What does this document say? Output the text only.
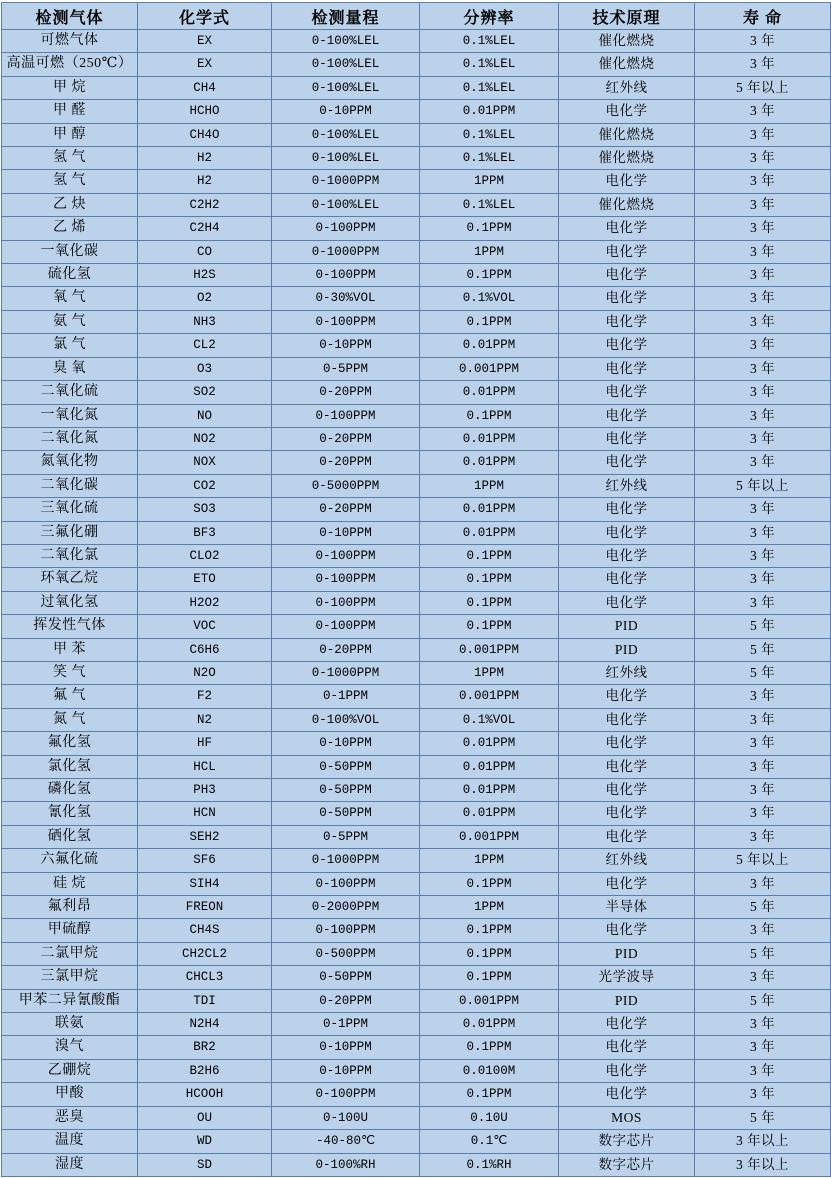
检测气体	化学式	检测量程	分辨率	技术原理	寿 命
可燃气体	EX	0-100%LEL	0.1%LEL	催化燃烧	3 年
高温可燃（250℃）	EX	0-100%LEL	0.1%LEL	催化燃烧	3 年
甲 烷	CH4	0-100%LEL	0.1%LEL	红外线	5 年以上
甲 醛	HCHO	0-10PPM	0.01PPM	电化学	3 年
甲 醇	CH4O	0-100%LEL	0.1%LEL	催化燃烧	3 年
氢 气	H2	0-100%LEL	0.1%LEL	催化燃烧	3 年
氢 气	H2	0-1000PPM	1PPM	电化学	3 年
乙 炔	C2H2	0-100%LEL	0.1%LEL	催化燃烧	3 年
乙 烯	C2H4	0-100PPM	0.1PPM	电化学	3 年
一氧化碳	CO	0-1000PPM	1PPM	电化学	3 年
硫化氢	H2S	0-100PPM	0.1PPM	电化学	3 年
氧 气	O2	0-30%VOL	0.1%VOL	电化学	3 年
氨 气	NH3	0-100PPM	0.1PPM	电化学	3 年
氯 气	CL2	0-10PPM	0.01PPM	电化学	3 年
臭 氧	O3	0-5PPM	0.001PPM	电化学	3 年
二氧化硫	SO2	0-20PPM	0.01PPM	电化学	3 年
一氧化氮	NO	0-100PPM	0.1PPM	电化学	3 年
二氧化氮	NO2	0-20PPM	0.01PPM	电化学	3 年
氮氧化物	NOX	0-20PPM	0.01PPM	电化学	3 年
二氧化碳	CO2	0-5000PPM	1PPM	红外线	5 年以上
三氧化硫	SO3	0-20PPM	0.01PPM	电化学	3 年
三氟化硼	BF3	0-10PPM	0.01PPM	电化学	3 年
二氧化氯	CLO2	0-100PPM	0.1PPM	电化学	3 年
环氧乙烷	ETO	0-100PPM	0.1PPM	电化学	3 年
过氧化氢	H2O2	0-100PPM	0.1PPM	电化学	3 年
挥发性气体	VOC	0-100PPM	0.1PPM	PID	5 年
甲 苯	C6H6	0-20PPM	0.001PPM	PID	5 年
笑 气	N2O	0-1000PPM	1PPM	红外线	5 年
氟 气	F2	0-1PPM	0.001PPM	电化学	3 年
氮 气	N2	0-100%VOL	0.1%VOL	电化学	3 年
氟化氢	HF	0-10PPM	0.01PPM	电化学	3 年
氯化氢	HCL	0-50PPM	0.01PPM	电化学	3 年
磷化氢	PH3	0-50PPM	0.01PPM	电化学	3 年
氰化氢	HCN	0-50PPM	0.01PPM	电化学	3 年
硒化氢	SEH2	0-5PPM	0.001PPM	电化学	3 年
六氟化硫	SF6	0-1000PPM	1PPM	红外线	5 年以上
硅 烷	SIH4	0-100PPM	0.1PPM	电化学	3 年
氟利昂	FREON	0-2000PPM	1PPM	半导体	5 年
甲硫醇	CH4S	0-100PPM	0.1PPM	电化学	3 年
二氯甲烷	CH2CL2	0-500PPM	0.1PPM	PID	5 年
三氯甲烷	CHCL3	0-50PPM	0.1PPM	光学波导	3 年
甲苯二异氰酸酯	TDI	0-20PPM	0.001PPM	PID	5 年
联氨	N2H4	0-1PPM	0.01PPM	电化学	3 年
溴气	BR2	0-10PPM	0.1PPM	电化学	3 年
乙硼烷	B2H6	0-10PPM	0.0100M	电化学	3 年
甲酸	HCOOH	0-100PPM	0.1PPM	电化学	3 年
恶臭	OU	0-100U	0.10U	MOS	5 年
温度	WD	-40-80℃	0.1℃	数字芯片	3 年以上
湿度	SD	0-100%RH	0.1%RH	数字芯片	3 年以上
